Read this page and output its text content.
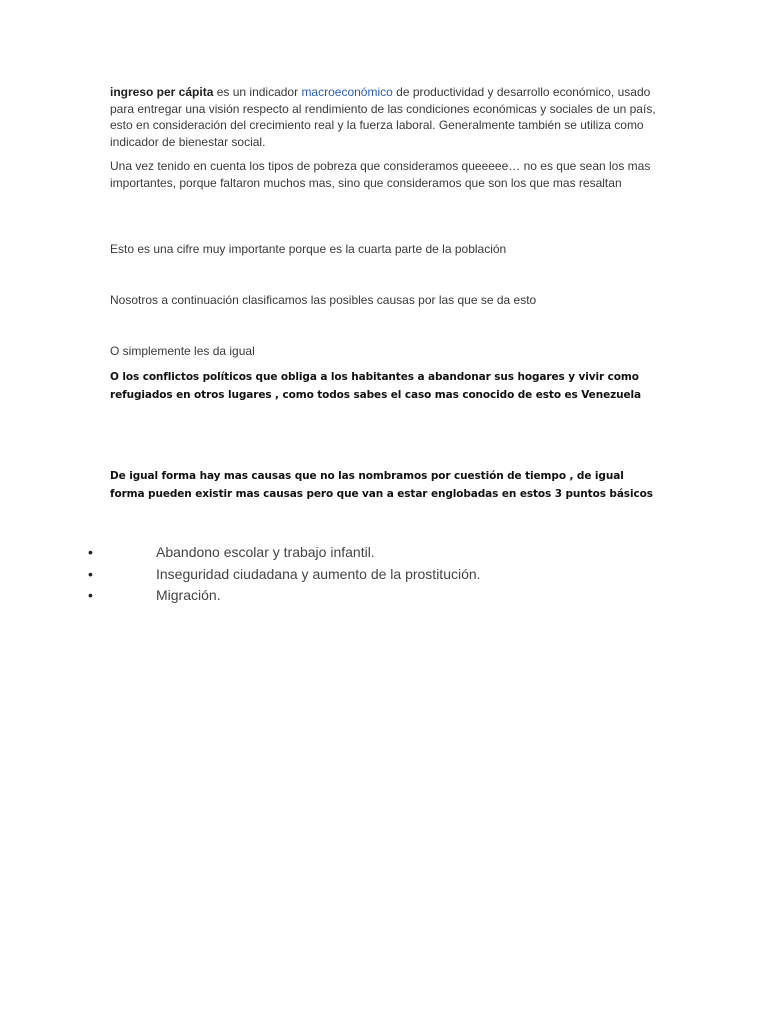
ingreso per cápita es un indicador macroeconómico de productividad y desarrollo económico, usado para entregar una visión respecto al rendimiento de las condiciones económicas y sociales de un país, esto en consideración del crecimiento real y la fuerza laboral. Generalmente también se utiliza como indicador de bienestar social.

Una vez tenido en cuenta los tipos de pobreza que consideramos queeeee… no es que sean los mas importantes, porque faltaron muchos mas, sino que consideramos que son los que mas resaltan

Esto es una cifre muy importante porque es la cuarta parte de la población

Nosotros a continuación clasificamos las posibles causas por las que se da esto

O simplemente les da igual

O los conflictos políticos que obliga a los habitantes a abandonar sus hogares y vivir como refugiados en otros lugares , como todos sabes el caso mas conocido de esto es Venezuela

De igual forma hay mas causas que no las nombramos por cuestión de tiempo , de igual forma pueden existir mas causas pero que van a estar englobadas en estos 3 puntos básicos

•	Abandono escolar y trabajo infantil.
•	Inseguridad ciudadana y aumento de la prostitución.
•	Migración.
